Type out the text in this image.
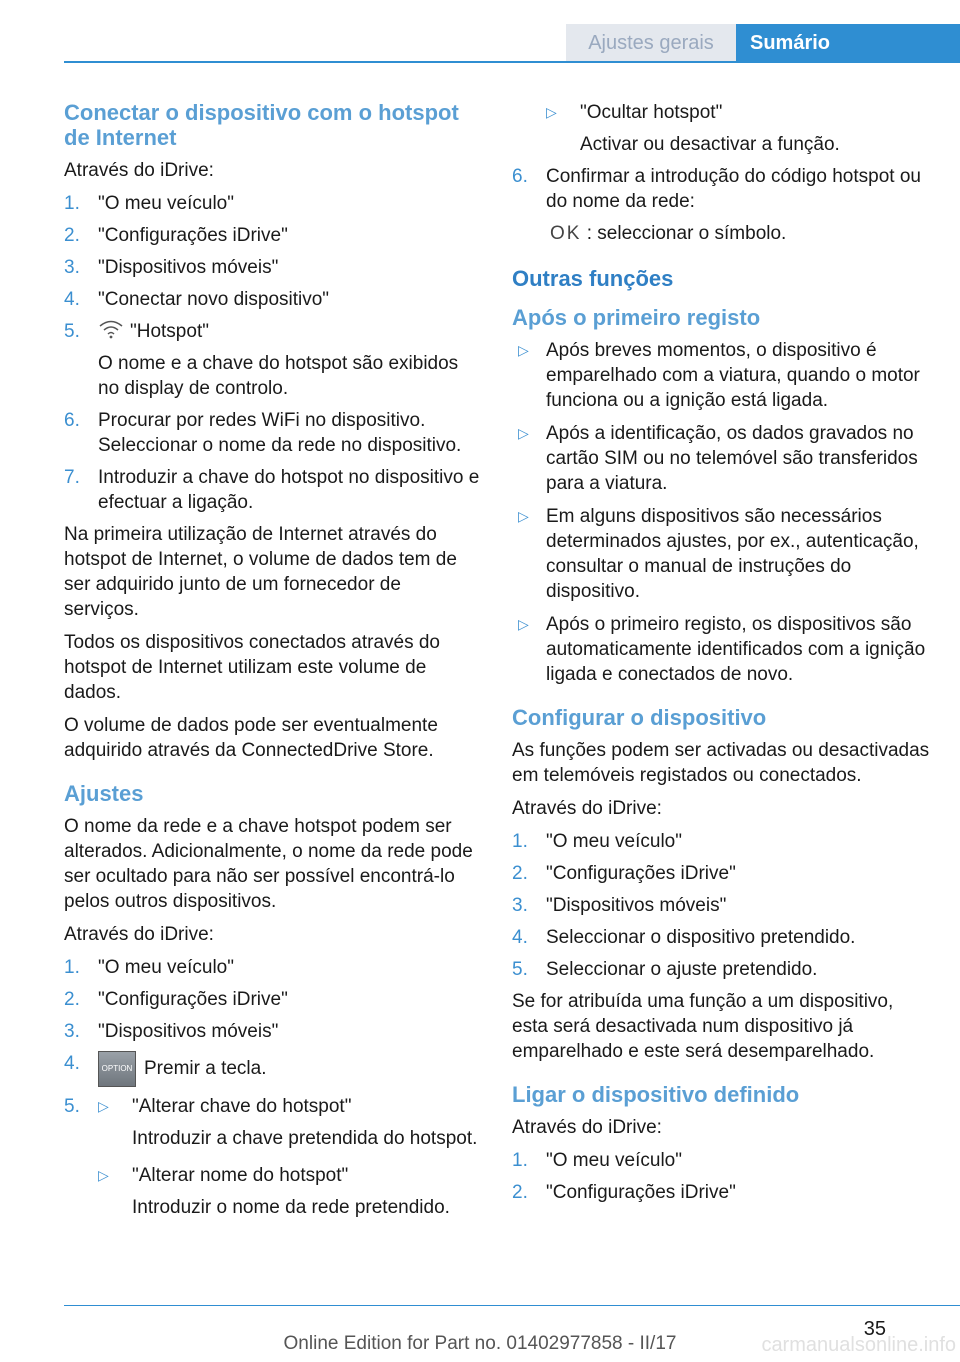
Ajustes gerais	Sumário
Conectar o dispositivo com o hotspot de Internet

Através do iDrive:

1. "O meu veículo"
2. "Configurações iDrive"
3. "Dispositivos móveis"
4. "Conectar novo dispositivo"
5.	"Hotspot"
O nome e a chave do hotspot são exibidos no display de controlo.
6. Procurar por redes WiFi no dispositivo. Seleccionar o nome da rede no dispositivo.
7. Introduzir a chave do hotspot no dispositivo e efectuar a ligação.

Na primeira utilização de Internet através do hotspot de Internet, o volume de dados tem de ser adquirido junto de um fornecedor de serviços.

Todos os dispositivos conectados através do hotspot de Internet utilizam este volume de dados.

O volume de dados pode ser eventualmente adquirido através da ConnectedDrive Store.

Ajustes

O nome da rede e a chave hotspot podem ser alterados. Adicionalmente, o nome da rede pode ser ocultado para não ser possível encontrá-lo pelos outros dispositivos.

Através do iDrive:

1. "O meu veículo"
2. "Configurações iDrive"
3. "Dispositivos móveis"
4.	OPTION Premir a tecla.
5. ▷ "Alterar chave do hotspot"
Introduzir a chave pretendida do hotspot.
▷ "Alterar nome do hotspot"
Introduzir o nome da rede pretendido.
▷ "Ocultar hotspot"
Activar ou desactivar a função.
6. Confirmar a introdução do código hotspot ou do nome da rede:
OK : seleccionar o símbolo.
Outras funções
Após o primeiro registo
▷ Após breves momentos, o dispositivo é emparelhado com a viatura, quando o motor funciona ou a ignição está ligada.
▷ Após a identificação, os dados gravados no cartão SIM ou no telemóvel são transferidos para a viatura.
▷ Em alguns dispositivos são necessários determinados ajustes, por ex., autenticação, consultar o manual de instruções do dispositivo.
▷ Após o primeiro registo, os dispositivos são automaticamente identificados com a ignição ligada e conectados de novo.
Configurar o dispositivo

As funções podem ser activadas ou desactivadas em telemóveis registados ou conectados.

Através do iDrive:

1. "O meu veículo"
2. "Configurações iDrive"
3. "Dispositivos móveis"
4. Seleccionar o dispositivo pretendido.
5. Seleccionar o ajuste pretendido.

Se for atribuída uma função a um dispositivo, esta será desactivada num dispositivo já emparelhado e este será desemparelhado.

Ligar o dispositivo definido

Através do iDrive:

1. "O meu veículo"
2. "Configurações iDrive"
35
Online Edition for Part no. 01402977858 - II/17	carmanualsonline.info
